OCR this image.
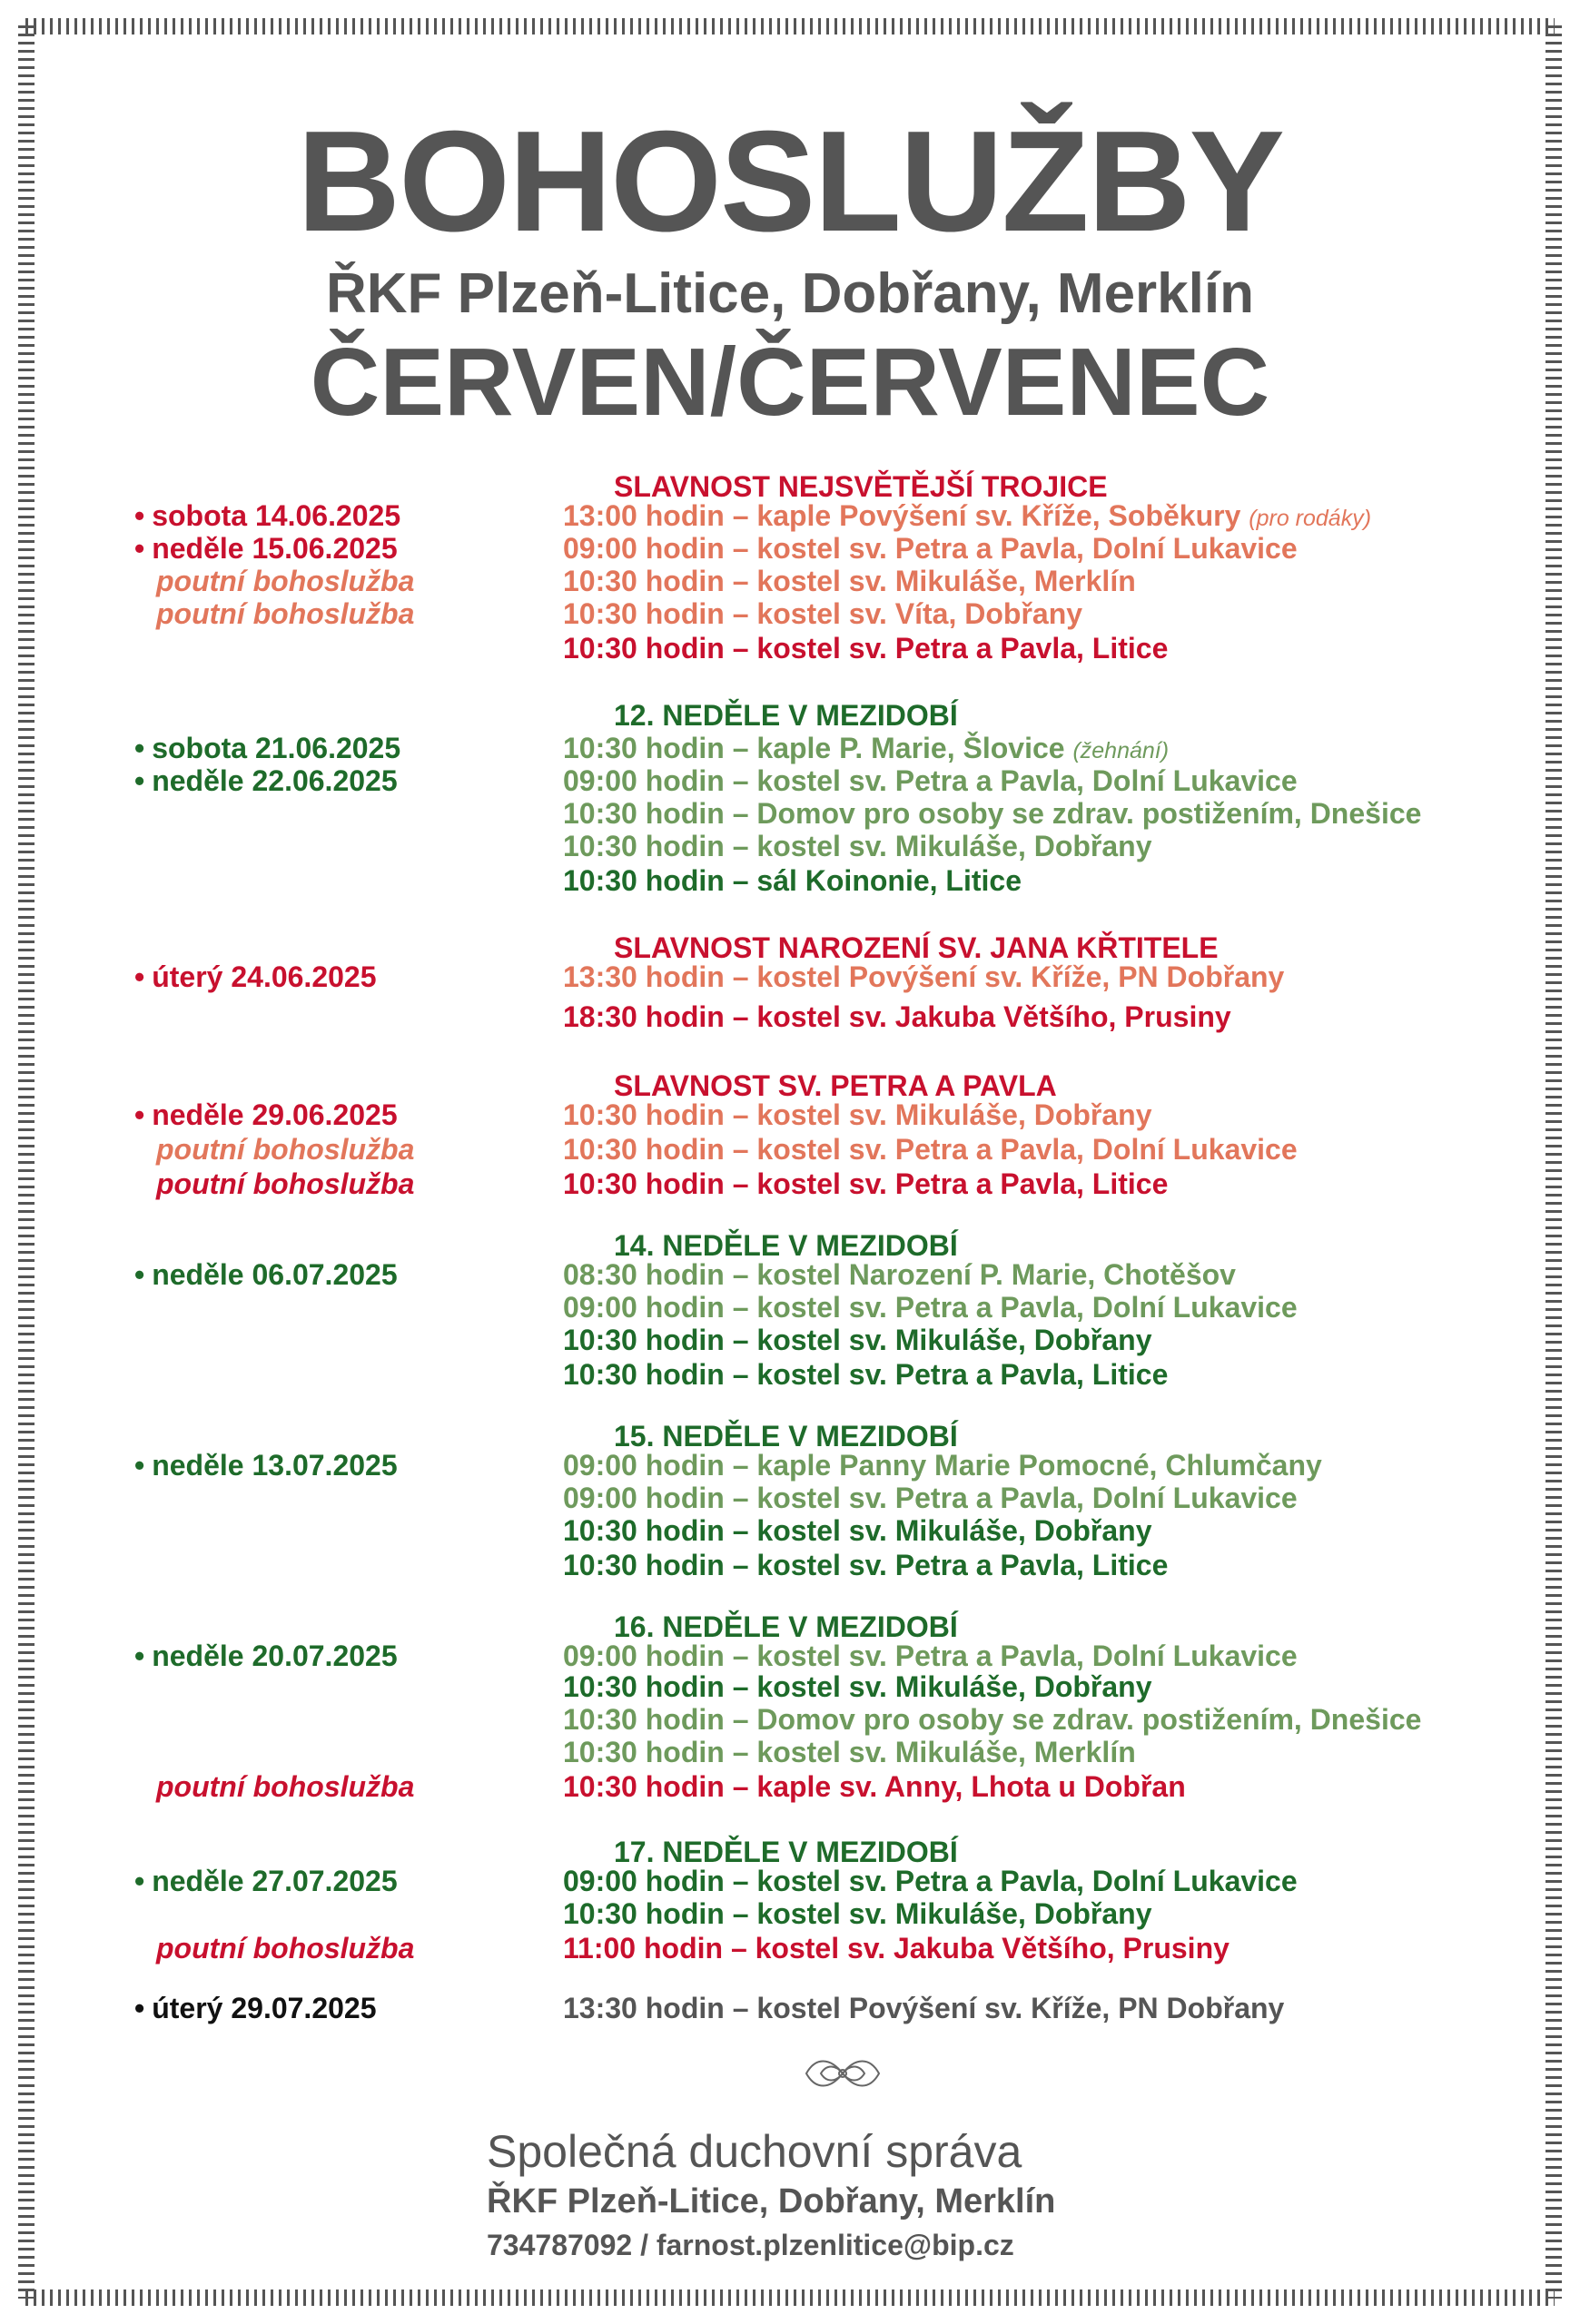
BOHOSLUŽBY
ŘKF Plzeň-Litice, Dobřany, Merklín
ČERVEN/ČERVENEC
SLAVNOST NEJSVĚTĚJŠÍ TROJICE
• sobota 14.06.2025	13:00 hodin – kaple Povýšení sv. Kříže, Soběkury (pro rodáky)
• neděle 15.06.2025	09:00 hodin – kostel sv. Petra a Pavla, Dolní Lukavice
poutní bohoslužba	10:30 hodin – kostel sv. Mikuláše, Merklín
poutní bohoslužba	10:30 hodin – kostel sv. Víta, Dobřany
10:30 hodin – kostel sv. Petra a Pavla, Litice
12. NEDĚLE V MEZIDOBÍ
• sobota 21.06.2025	10:30 hodin – kaple P. Marie, Šlovice (žehnání)
• neděle 22.06.2025	09:00 hodin – kostel sv. Petra a Pavla, Dolní Lukavice
10:30 hodin – Domov pro osoby se zdrav. postižením, Dnešice
10:30 hodin – kostel sv. Mikuláše, Dobřany
10:30 hodin – sál Koinonie, Litice
SLAVNOST NAROZENÍ SV. JANA KŘTITELE
• úterý 24.06.2025	13:30 hodin – kostel Povýšení sv. Kříže, PN Dobřany
18:30 hodin – kostel sv. Jakuba Většího, Prusiny
SLAVNOST SV. PETRA A PAVLA
• neděle 29.06.2025	10:30 hodin – kostel sv. Mikuláše, Dobřany
poutní bohoslužba	10:30 hodin – kostel sv. Petra a Pavla, Dolní Lukavice
poutní bohoslužba	10:30 hodin – kostel sv. Petra a Pavla, Litice
14. NEDĚLE V MEZIDOBÍ
• neděle 06.07.2025	08:30 hodin – kostel Narození P. Marie, Chotěšov
09:00 hodin – kostel sv. Petra a Pavla, Dolní Lukavice
10:30 hodin – kostel sv. Mikuláše, Dobřany
10:30 hodin – kostel sv. Petra a Pavla, Litice
15. NEDĚLE V MEZIDOBÍ
• neděle 13.07.2025	09:00 hodin – kaple Panny Marie Pomocné, Chlumčany
09:00 hodin – kostel sv. Petra a Pavla, Dolní Lukavice
10:30 hodin – kostel sv. Mikuláše, Dobřany
10:30 hodin – kostel sv. Petra a Pavla, Litice
16. NEDĚLE V MEZIDOBÍ
• neděle 20.07.2025	09:00 hodin – kostel sv. Petra a Pavla, Dolní Lukavice
10:30 hodin – kostel sv. Mikuláše, Dobřany
10:30 hodin – Domov pro osoby se zdrav. postižením, Dnešice
10:30 hodin – kostel sv. Mikuláše, Merklín
poutní bohoslužba	10:30 hodin – kaple sv. Anny, Lhota u Dobřan
17. NEDĚLE V MEZIDOBÍ
• neděle 27.07.2025	09:00 hodin – kostel sv. Petra a Pavla, Dolní Lukavice
10:30 hodin – kostel sv. Mikuláše, Dobřany
poutní bohoslužba	11:00 hodin – kostel sv. Jakuba Většího, Prusiny
• úterý 29.07.2025	13:30 hodin – kostel Povýšení sv. Kříže, PN Dobřany
Společná duchovní správa
ŘKF Plzeň-Litice, Dobřany, Merklín
734787092 / farnost.plzenlitice@bip.cz
